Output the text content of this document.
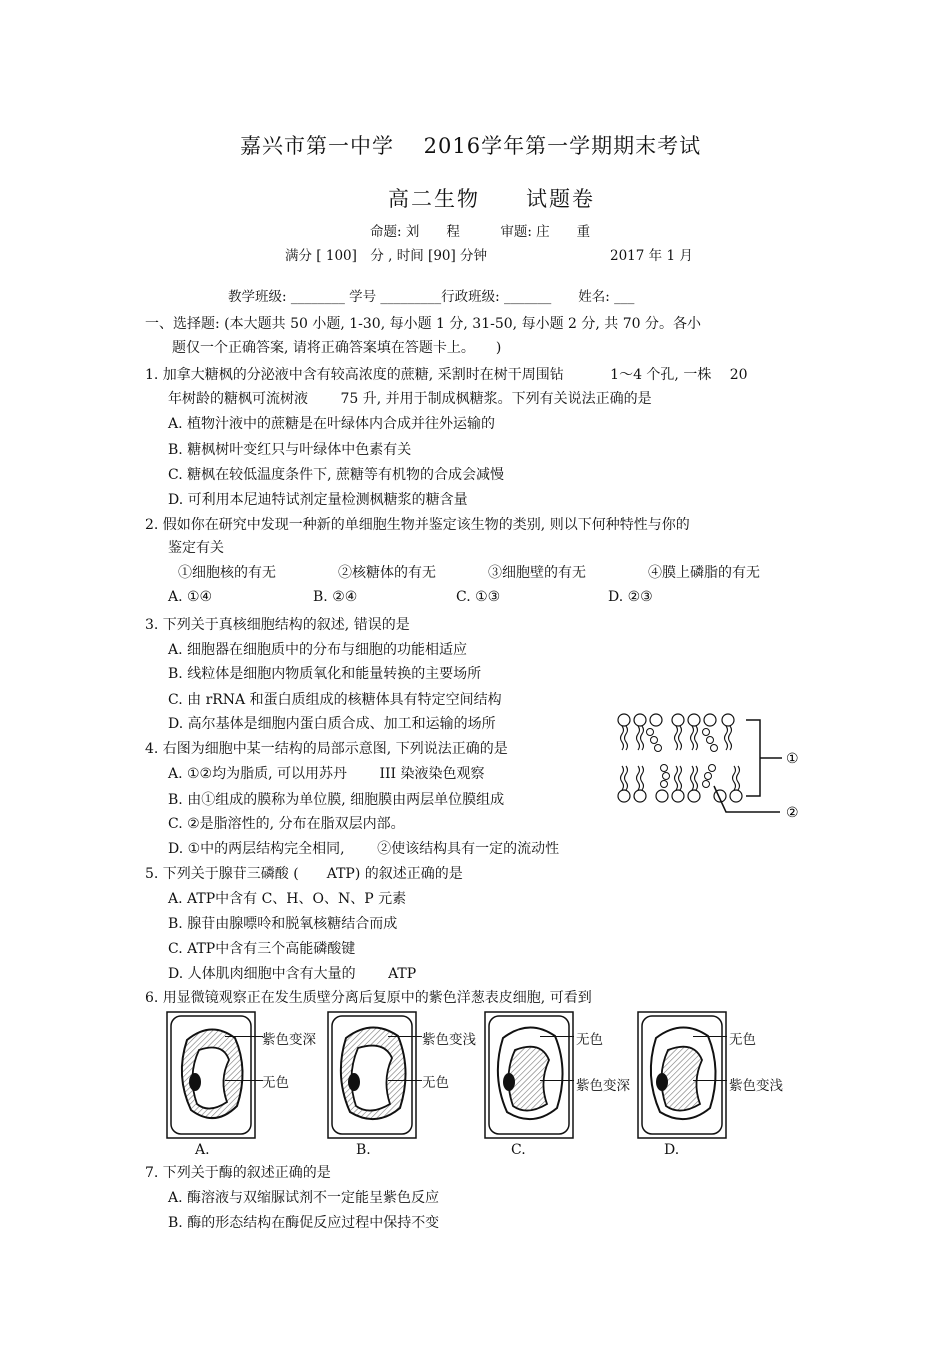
嘉兴市第一中学　 2016学年第一学期期末考试
高二生物　　试题卷
命题: 刘　　程　　　审题: 庄　　重
满分 [ 100]　分 , 时间 [90] 分钟	2017 年 1 月
教学班级: ________ 学号 _________行政班级: _______　　姓名: ___
一、选择题: (本大题共 50 小题, 1-30, 每小题 1 分, 31-50, 每小题 2 分, 共 70 分。各小
题仅一个正确答案, 请将正确答案填在答题卡上。　　)
1. 加拿大糖枫的分泌液中含有较高浓度的蔗糖, 采割时在树干周围钻　　　 1～4 个孔, 一株　 20
年树龄的糖枫可流树液　　 75 升, 并用于制成枫糖浆。下列有关说法正确的是
A. 植物汁液中的蔗糖是在叶绿体内合成并往外运输的
B. 糖枫树叶变红只与叶绿体中色素有关
C. 糖枫在较低温度条件下, 蔗糖等有机物的合成会减慢
D. 可利用本尼迪特试剂定量检测枫糖浆的糖含量
2. 假如你在研究中发现一种新的单细胞生物并鉴定该生物的类别, 则以下何种特性与你的
鉴定有关
①细胞核的有无	②核糖体的有无	③细胞壁的有无	④膜上磷脂的有无
A. ①④	B. ②④	C. ①③	D. ②③
3. 下列关于真核细胞结构的叙述, 错误的是
A. 细胞器在细胞质中的分布与细胞的功能相适应
B. 线粒体是细胞内物质氧化和能量转换的主要场所
C. 由 rRNA 和蛋白质组成的核糖体具有特定空间结构
D. 高尔基体是细胞内蛋白质合成、加工和运输的场所
①
②
4. 右图为细胞中某一结构的局部示意图, 下列说法正确的是
A. ①②均为脂质, 可以用苏丹　　 III 染液染色观察
B. 由①组成的膜称为单位膜, 细胞膜由两层单位膜组成
C. ②是脂溶性的, 分布在脂双层内部。
D. ①中的两层结构完全相同,　　 ②使该结构具有一定的流动性
5. 下列关于腺苷三磷酸 (　　ATP) 的叙述正确的是
A. ATP中含有 C、H、O、N、P 元素
B. 腺苷由腺嘌呤和脱氧核糖结合而成
C. ATP中含有三个高能磷酸键
D. 人体肌肉细胞中含有大量的　　 ATP
6. 用显微镜观察正在发生质壁分离后复原中的紫色洋葱表皮细胞, 可看到
紫色变深
无色
A.
紫色变浅
无色
B.
无色
紫色变深
C.
无色
紫色变浅
D.
7. 下列关于酶的叙述正确的是
A. 酶溶液与双缩脲试剂不一定能呈紫色反应
B. 酶的形态结构在酶促反应过程中保持不变
